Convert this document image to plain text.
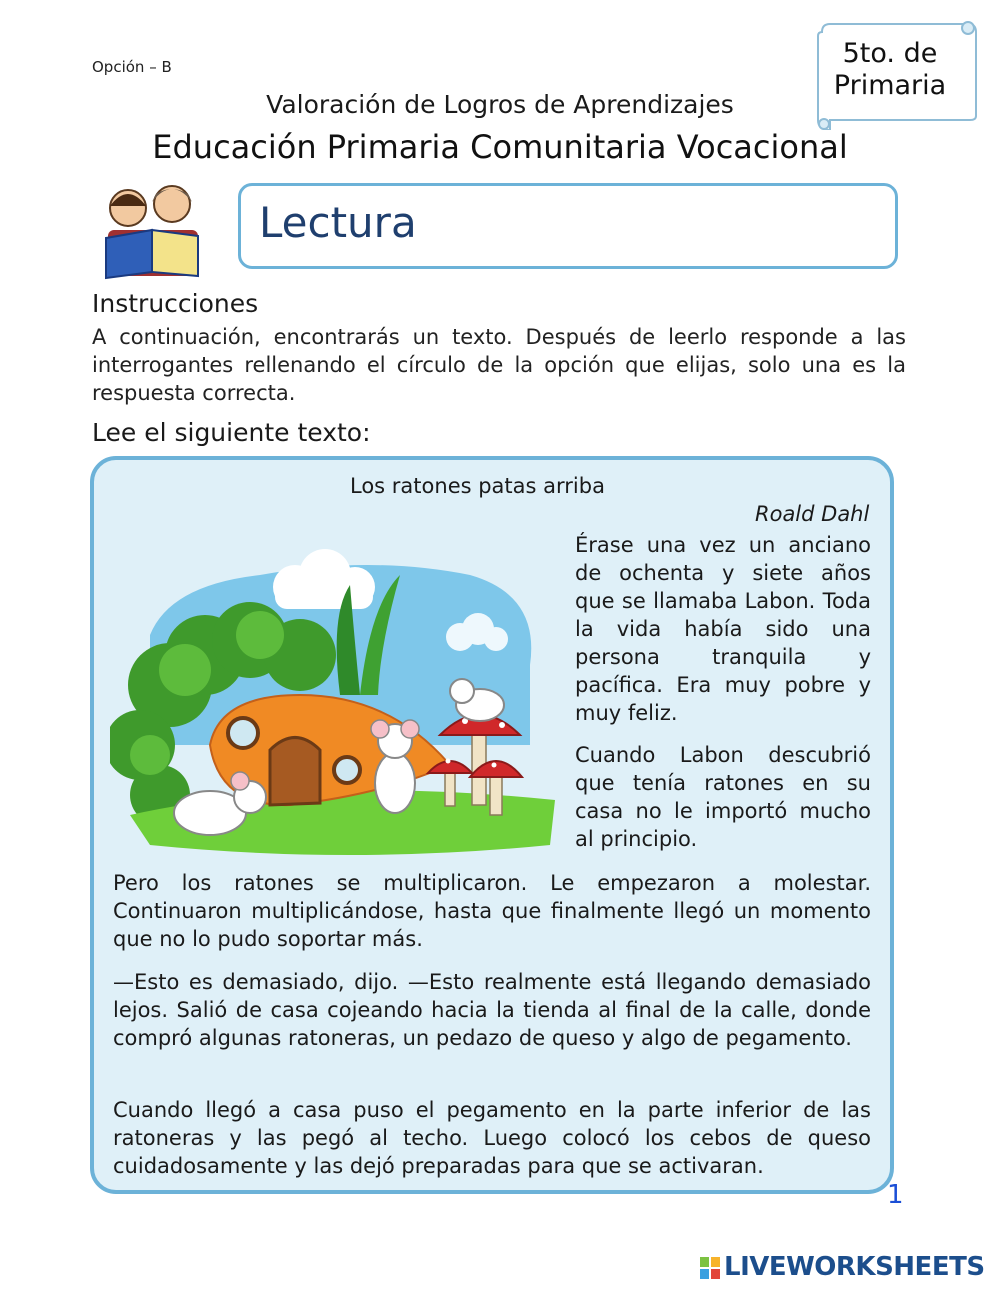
Opción – B	5to. de Primaria
Valoración de Logros de Aprendizajes
Educación Primaria Comunitaria Vocacional
Lectura
Instrucciones
A continuación, encontrarás un texto. Después de leerlo responde a las interrogantes rellenando el círculo de la opción que elijas, solo una es la respuesta correcta.
Lee el siguiente texto:
Los ratones patas arriba
Roald Dahl
Érase una vez un anciano de ochenta y siete años que se llamaba Labon. Toda la vida había sido una persona tranquila y pacífica. Era muy pobre y muy feliz.
Cuando Labon descubrió que tenía ratones en su casa no le importó mucho al principio.
Pero los ratones se multiplicaron. Le empezaron a molestar. Continuaron multiplicándose, hasta que finalmente llegó un momento que no lo pudo soportar más.
—Esto es demasiado, dijo. —Esto realmente está llegando demasiado lejos. Salió de casa cojeando hacia la tienda al final de la calle, donde compró algunas ratoneras, un pedazo de queso y algo de pegamento.
Cuando llegó a casa puso el pegamento en la parte inferior de las ratoneras y las pegó al techo. Luego colocó los cebos de queso cuidadosamente y las dejó preparadas para que se activaran.
1
LIVEWORKSHEETS
